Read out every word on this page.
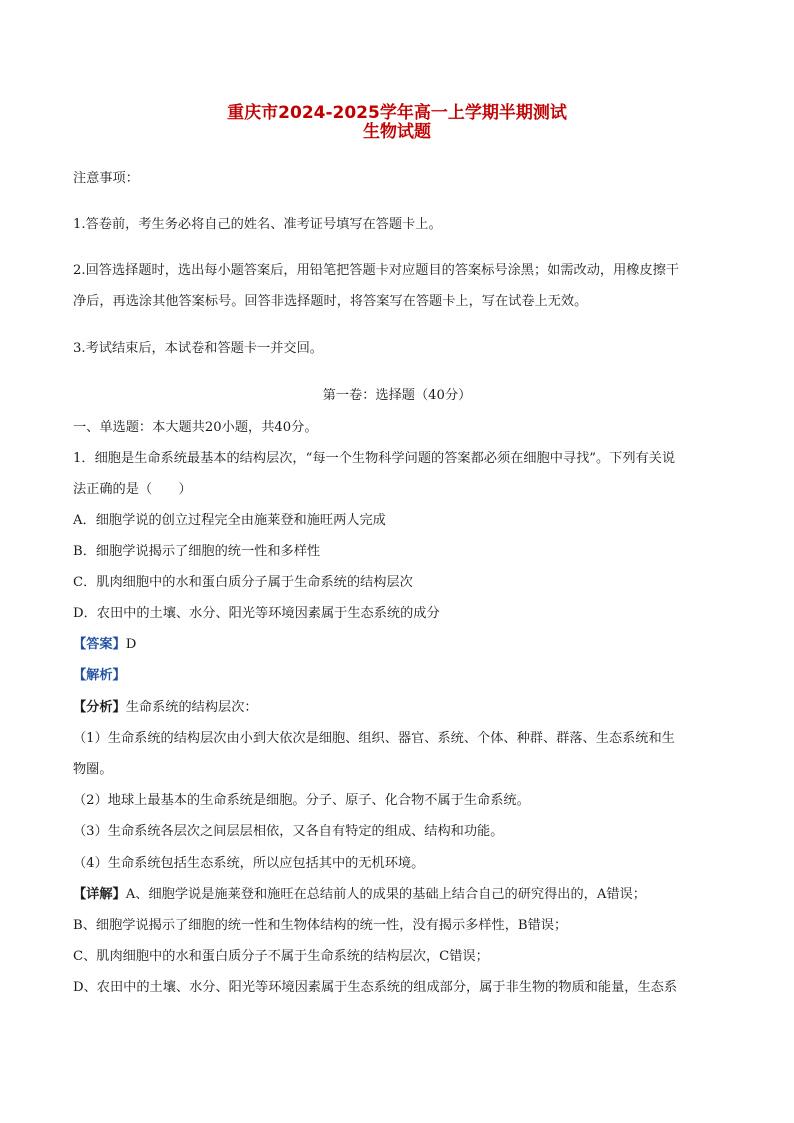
重庆市2024-2025学年高一上学期半期测试
生物试题
注意事项：
1.答卷前，考生务必将自己的姓名、准考证号填写在答题卡上。
2.回答选择题时，选出每小题答案后，用铅笔把答题卡对应题目的答案标号涂黑；如需改动，用橡皮擦干
净后，再选涂其他答案标号。回答非选择题时，将答案写在答题卡上，写在试卷上无效。
3.考试结束后，本试卷和答题卡一并交回。
第一卷：选择题（40分）
一、单选题：本大题共20小题，共40分。
1．细胞是生命系统最基本的结构层次，“每一个生物科学问题的答案都必须在细胞中寻找”。下列有关说
法正确的是（　　）
A．细胞学说的创立过程完全由施莱登和施旺两人完成
B．细胞学说揭示了细胞的统一性和多样性
C．肌肉细胞中的水和蛋白质分子属于生命系统的结构层次
D．农田中的土壤、水分、阳光等环境因素属于生态系统的成分
【答案】D
【解析】
【分析】生命系统的结构层次：
（1）生命系统的结构层次由小到大依次是细胞、组织、器官、系统、个体、种群、群落、生态系统和生
物圈。
（2）地球上最基本的生命系统是细胞。分子、原子、化合物不属于生命系统。
（3）生命系统各层次之间层层相依，又各自有特定的组成、结构和功能。
（4）生命系统包括生态系统，所以应包括其中的无机环境。
【详解】A、细胞学说是施莱登和施旺在总结前人的成果的基础上结合自己的研究得出的，A错误；
B、细胞学说揭示了细胞的统一性和生物体结构的统一性，没有揭示多样性，B错误；
C、肌肉细胞中的水和蛋白质分子不属于生命系统的结构层次，C错误；
D、农田中的土壤、水分、阳光等环境因素属于生态系统的组成部分，属于非生物的物质和能量，生态系
